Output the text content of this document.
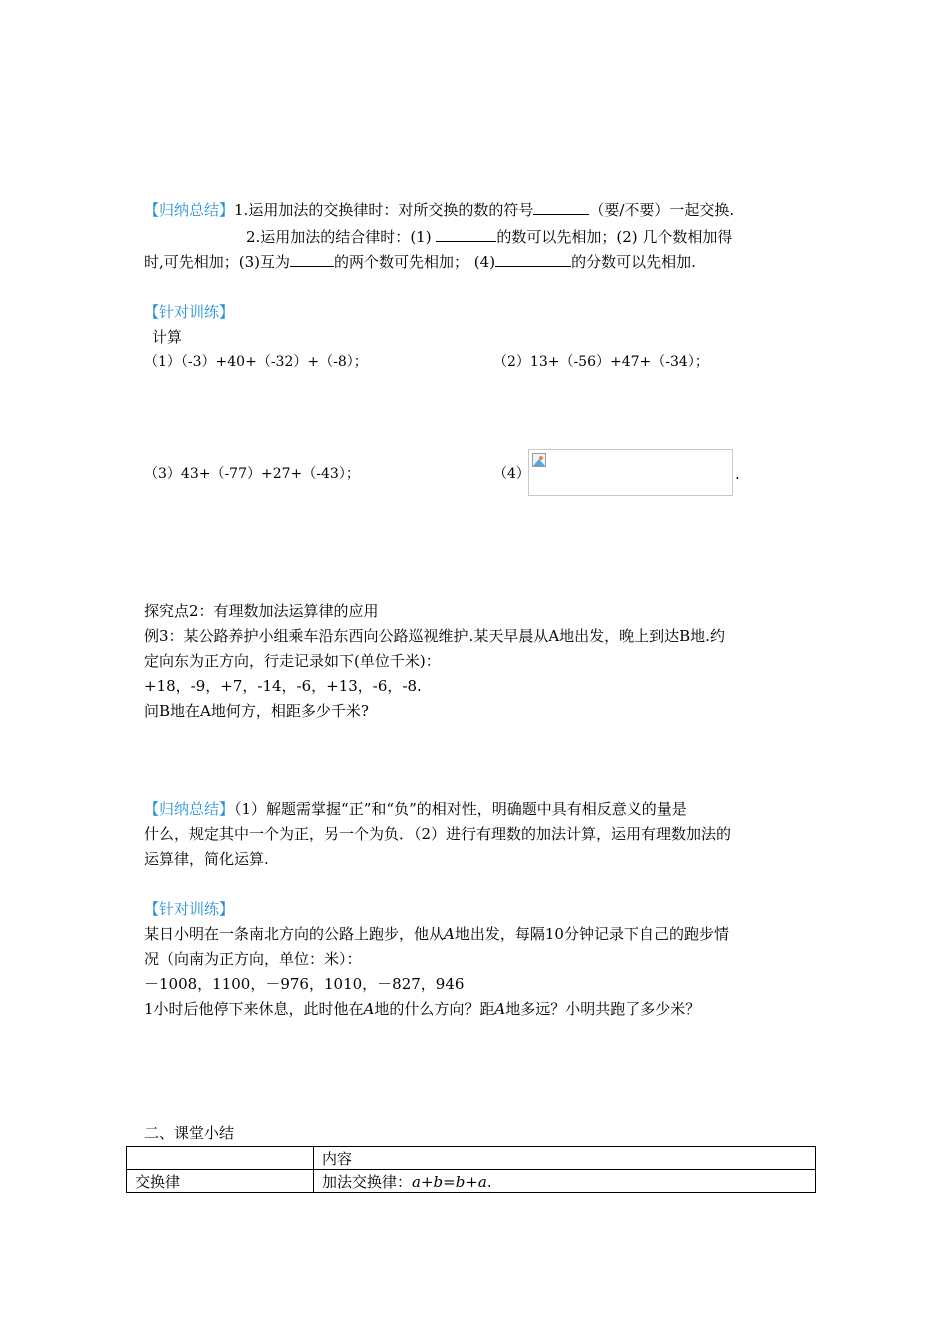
【归纳总结】1.运用加法的交换律时：对所交换的数的符号	（要/不要）一起交换.
2.运用加法的结合律时：(1)	的数可以先相加；(2) 几个数相加得
时,可先相加；(3)互为	的两个数可先相加； (4)	的分数可以先相加.
【针对训练】
计算
（1）（-3）+40+（-32）+（-8）；	（2）13+（-56）+47+（-34）；
（3）43+（-77）+27+（-43）；	（4）	.
探究点2：有理数加法运算律的应用
例3：某公路养护小组乘车沿东西向公路巡视维护.某天早晨从A地出发，晚上到达B地.约
定向东为正方向，行走记录如下(单位千米)：
+18，-9，+7，-14，-6，+13，-6，-8.
问B地在A地何方，相距多少千米?
【归纳总结】（1）解题需掌握“正”和“负”的相对性，明确题中具有相反意义的量是
什么，规定其中一个为正，另一个为负．（2）进行有理数的加法计算，运用有理数加法的
运算律，简化运算.
【针对训练】
某日小明在一条南北方向的公路上跑步，他从A地出发，每隔10分钟记录下自己的跑步情
况（向南为正方向，单位：米）：
－1008，1100，－976，1010，－827，946
1小时后他停下来休息，此时他在A地的什么方向？距A地多远？小明共跑了多少米？
二、课堂小结
	内容
交换律	加法交换律：a+b=b+a.
